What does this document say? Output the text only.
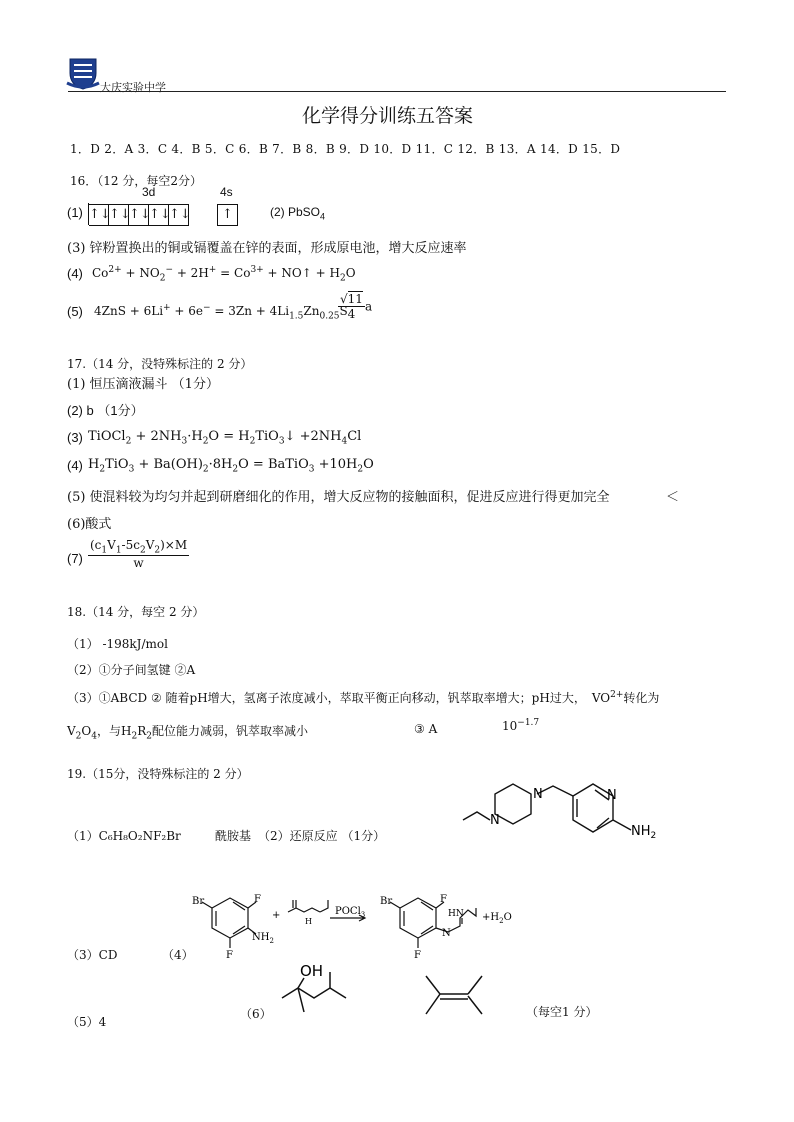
大庆实验中学
化学得分训练五答案
1．D 2．A 3．C 4．B 5．C 6．B 7．B 8．B 9．D 10．D 11．C 12．B 13．A 14．D 15．D
16．（12 分，每空2分）
3d	4s
(1) ↑↓↑↓↑↓↑↓↑↓	↑	(2) PbSO$_4$
(3) 锌粉置换出的铜或镉覆盖在锌的表面，形成原电池，增大反应速率
(4) $Co^{2+} + NO_2^- + 2H^+ = Co^{3+}$ + NO↑ + $H_2O$
(5) $4ZnS + 6Li^+ + 6e^- = 3Zn + 4Li_{1.5}Zn_{0.25}S$
$\frac{√11}{4}$ a
17.（14 分，没特殊标注的 2 分）
(1) 恒压滴液漏斗 （1分）
(2) b （1分）
(3) TiOCl$_2$ + $2NH_3\cdot H_2O$ = $H_2TiO_3↓ +2NH_4Cl$
(4) $H_2TiO_3 + Ba(OH)_2\cdot 8H_2O$ = BaTiO$_3$ $+10H_2O$
(5) 使混料较为均匀并起到研磨细化的作用，增大反应物的接触面积，促进反应进行得更加完全	＜
(6)酸式
(7)
$(c_1V_1-5c_2V_2)\times M$
w
18.（14 分，每空 2 分）
（1） -198kJ/mol
（2）①分子间氢键 ②A
（3）①ABCD ② 随着pH增大，氢离子浓度减小，萃取平衡正向移动，钒萃取率增大；pH过大， $VO^{2+}$转化为
$V_2O_4$，与$H_2R_2$配位能力减弱，钒萃取率减小	③ A	$10^{-1.7}$
19.（15分，没特殊标注的 2 分）
（1）C₆H₈O₂NF₂Br	酰胺基 （2）还原反应 （1分）
N
N	N
$NH_2$
（3）CD	（4）
Br	F
$NH_2$
F
+
H
POCl$_3$
Br	F
HN
N
F
$+H_2O$
（5）4
（6）
OH
（每空1 分）
